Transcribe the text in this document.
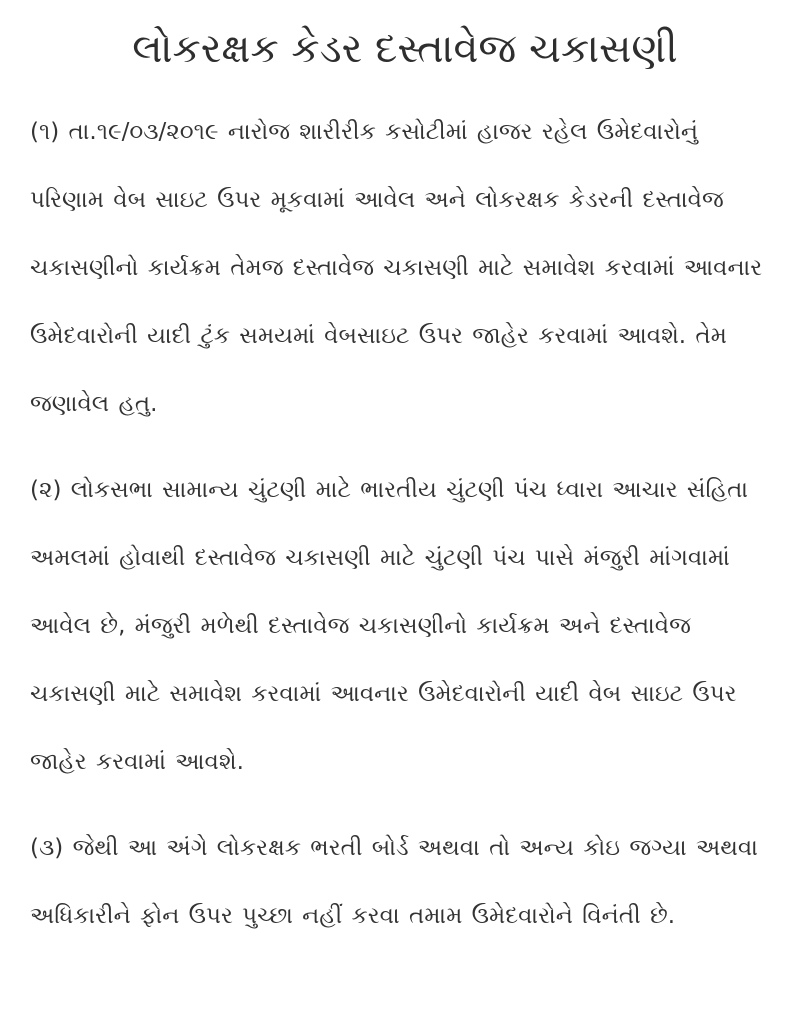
લોકરક્ષક કેડર દસ્તાવેજ ચકાસણી

(૧) તા.૧૯/૦૩/૨૦૧૯ નારોજ શારીરીક કસોટીમાં હાજર રહેલ ઉમેદવારોનું પરિણામ વેબ સાઇટ ઉપર મૂકવામાં આવેલ અને લોકરક્ષક કેડરની દસ્તાવેજ ચકાસણીનો કાર્યક્રમ તેમજ દસ્તાવેજ ચકાસણી માટે સમાવેશ કરવામાં આવનાર ઉમેદવારોની યાદી ટુંક સમયમાં વેબસાઇટ ઉપર જાહેર કરવામાં આવશે. તેમ જણાવેલ હતુ.

(૨) લોકસભા સામાન્ય ચુંટણી માટે ભારતીય ચુંટણી પંચ ધ્વારા આચાર સંહિતા અમલમાં હોવાથી દસ્તાવેજ ચકાસણી માટે ચુંટણી પંચ પાસે મંજુરી માંગવામાં આવેલ છે, મંજુરી મળેથી દસ્તાવેજ ચકાસણીનો કાર્યક્રમ અને દસ્તાવેજ ચકાસણી માટે સમાવેશ કરવામાં આવનાર ઉમેદવારોની યાદી વેબ સાઇટ ઉપર જાહેર કરવામાં આવશે.

(૩) જેથી આ અંગે લોકરક્ષક ભરતી બોર્ડ અથવા તો અન્ય કોઇ જગ્યા અથવા અધિકારીને ફોન ઉપર પુચ્છા નહીં કરવા તમામ ઉમેદવારોને વિનંતી છે.
